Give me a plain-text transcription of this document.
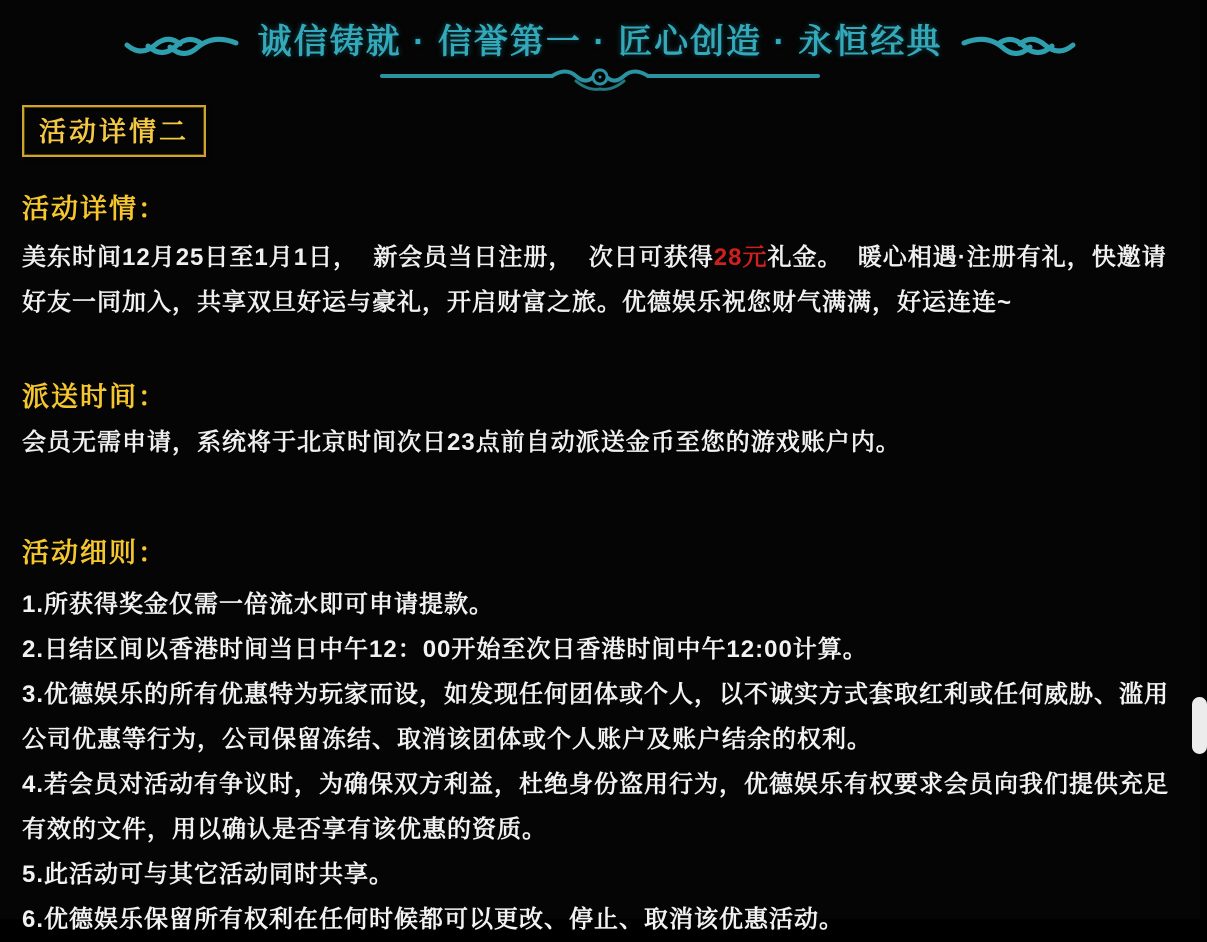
诚信铸就 · 信誉第一 · 匠心创造 · 永恒经典
活动详情二
活动详情：
美东时间12月25日至1月1日，  新会员当日注册，  次日可获得28元礼金。  暖心相遇·注册有礼，快邀请好友一同加入，共享双旦好运与豪礼，开启财富之旅。优德娱乐祝您财气满满，好运连连~
派送时间：
会员无需申请，系统将于北京时间次日23点前自动派送金币至您的游戏账户内。
活动细则：
1.所获得奖金仅需一倍流水即可申请提款。
2.日结区间以香港时间当日中午12：00开始至次日香港时间中午12:00计算。
3.优德娱乐的所有优惠特为玩家而设，如发现任何团体或个人，以不诚实方式套取红利或任何威胁、滥用公司优惠等行为，公司保留冻结、取消该团体或个人账户及账户结余的权利。
4.若会员对活动有争议时，为确保双方利益，杜绝身份盗用行为，优德娱乐有权要求会员向我们提供充足有效的文件，用以确认是否享有该优惠的资质。
5.此活动可与其它活动同时共享。
6.优德娱乐保留所有权利在任何时候都可以更改、停止、取消该优惠活动。
